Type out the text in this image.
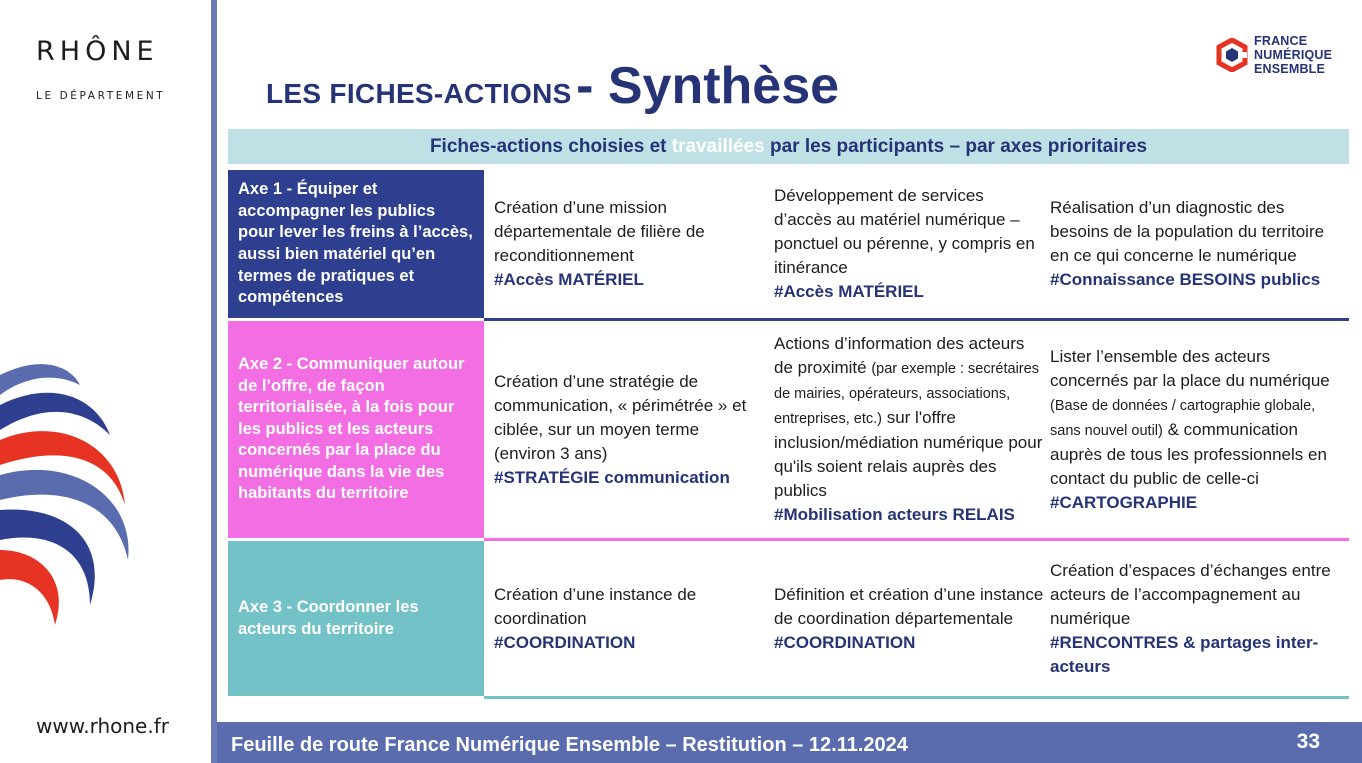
RHÔNE
LE DÉPARTEMENT
www.rhone.fr
LES FICHES-ACTIONS - Synthèse
FRANCE
NUMÉRIQUE
ENSEMBLE
Fiches-actions choisies et travaillées par les participants – par axes prioritaires
Axe 1 - Équiper et accompagner les publics pour lever les freins à l’accès, aussi bien matériel qu’en termes de pratiques et compétences
Création d’une mission départementale de filière de reconditionnement
#Accès MATÉRIEL
Développement de services d’accès au matériel numérique – ponctuel ou pérenne, y compris en itinérance
#Accès MATÉRIEL
Réalisation d’un diagnostic des besoins de la population du territoire en ce qui concerne le numérique
#Connaissance BESOINS publics
Axe 2 - Communiquer autour de l’offre, de façon territorialisée, à la fois pour les publics et les acteurs concernés par la place du numérique dans la vie des habitants du territoire
Création d’une stratégie de communication, « périmétrée » et ciblée, sur un moyen terme (environ 3 ans)
#STRATÉGIE communication
Actions d’information des acteurs de proximité (par exemple : secrétaires de mairies, opérateurs, associations, entreprises, etc.) sur l'offre inclusion/médiation numérique pour qu'ils soient relais auprès des publics
#Mobilisation acteurs RELAIS
Lister l’ensemble des acteurs concernés par la place du numérique (Base de données / cartographie globale, sans nouvel outil) & communication auprès de tous les professionnels en contact du public de celle-ci
#CARTOGRAPHIE
Axe 3 - Coordonner les acteurs du territoire
Création d’une instance de coordination
#COORDINATION
Définition et création d’une instance de coordination départementale
#COORDINATION
Création d’espaces d’échanges entre acteurs de l’accompagnement au numérique
#RENCONTRES & partages inter-acteurs
Feuille de route France Numérique Ensemble – Restitution – 12.11.2024	33
